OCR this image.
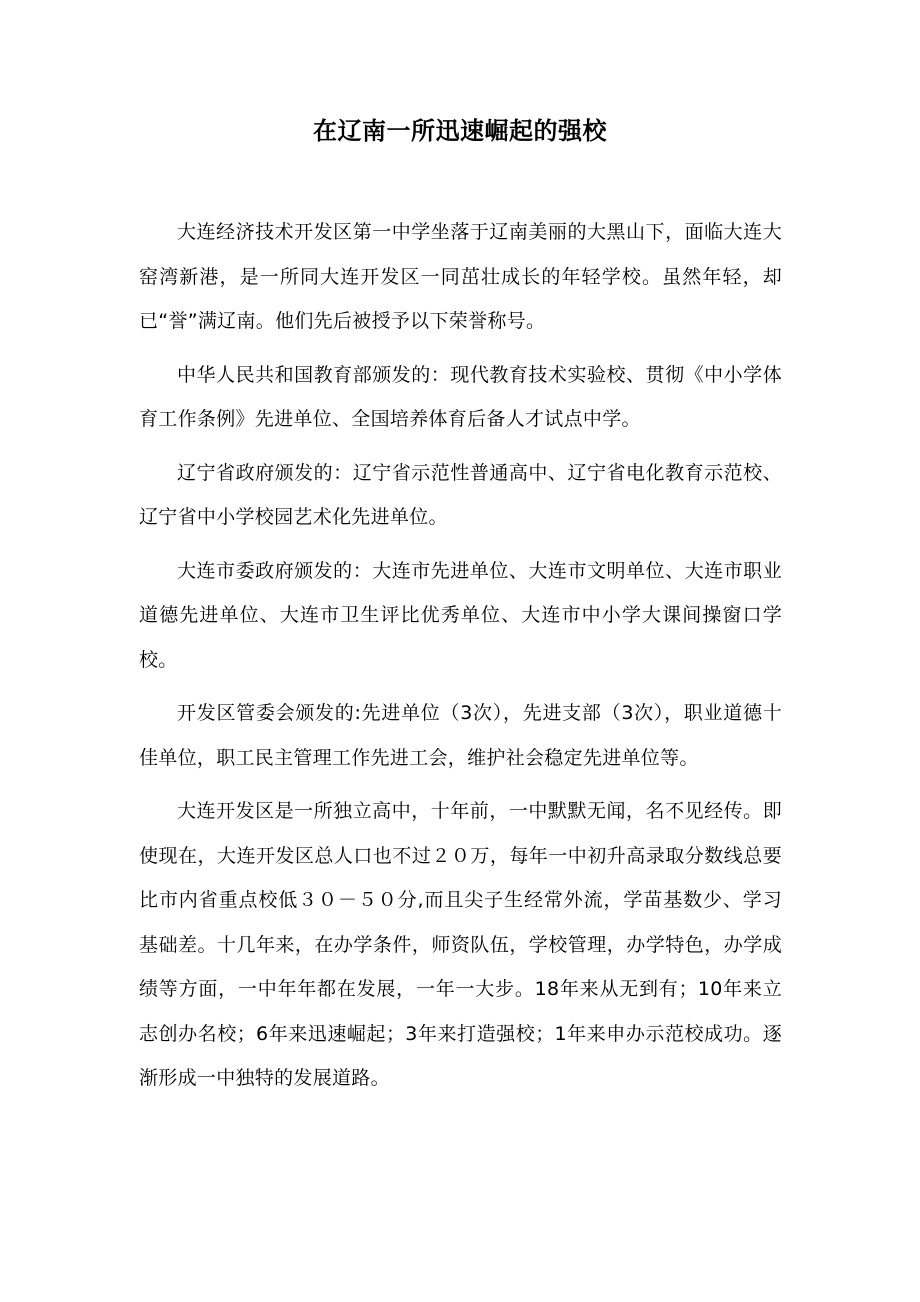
在辽南一所迅速崛起的强校

大连经济技术开发区第一中学坐落于辽南美丽的大黑山下，面临大连大窑湾新港，是一所同大连开发区一同茁壮成长的年轻学校。虽然年轻，却已“誉”满辽南。他们先后被授予以下荣誉称号。

中华人民共和国教育部颁发的：现代教育技术实验校、贯彻《中小学体育工作条例》先进单位、全国培养体育后备人才试点中学。

辽宁省政府颁发的：辽宁省示范性普通高中、辽宁省电化教育示范校、辽宁省中小学校园艺术化先进单位。

大连市委政府颁发的：大连市先进单位、大连市文明单位、大连市职业道德先进单位、大连市卫生评比优秀单位、大连市中小学大课间操窗口学校。

开发区管委会颁发的:先进单位（3次），先进支部（3次），职业道德十佳单位，职工民主管理工作先进工会，维护社会稳定先进单位等。

大连开发区是一所独立高中，十年前，一中默默无闻，名不见经传。即使现在，大连开发区总人口也不过２０万，每年一中初升高录取分数线总要比市内省重点校低３０－５０分,而且尖子生经常外流，学苗基数少、学习基础差。十几年来，在办学条件，师资队伍，学校管理，办学特色，办学成绩等方面，一中年年都在发展，一年一大步。18年来从无到有；10年来立志创办名校；6年来迅速崛起；3年来打造强校；1年来申办示范校成功。逐渐形成一中独特的发展道路。
